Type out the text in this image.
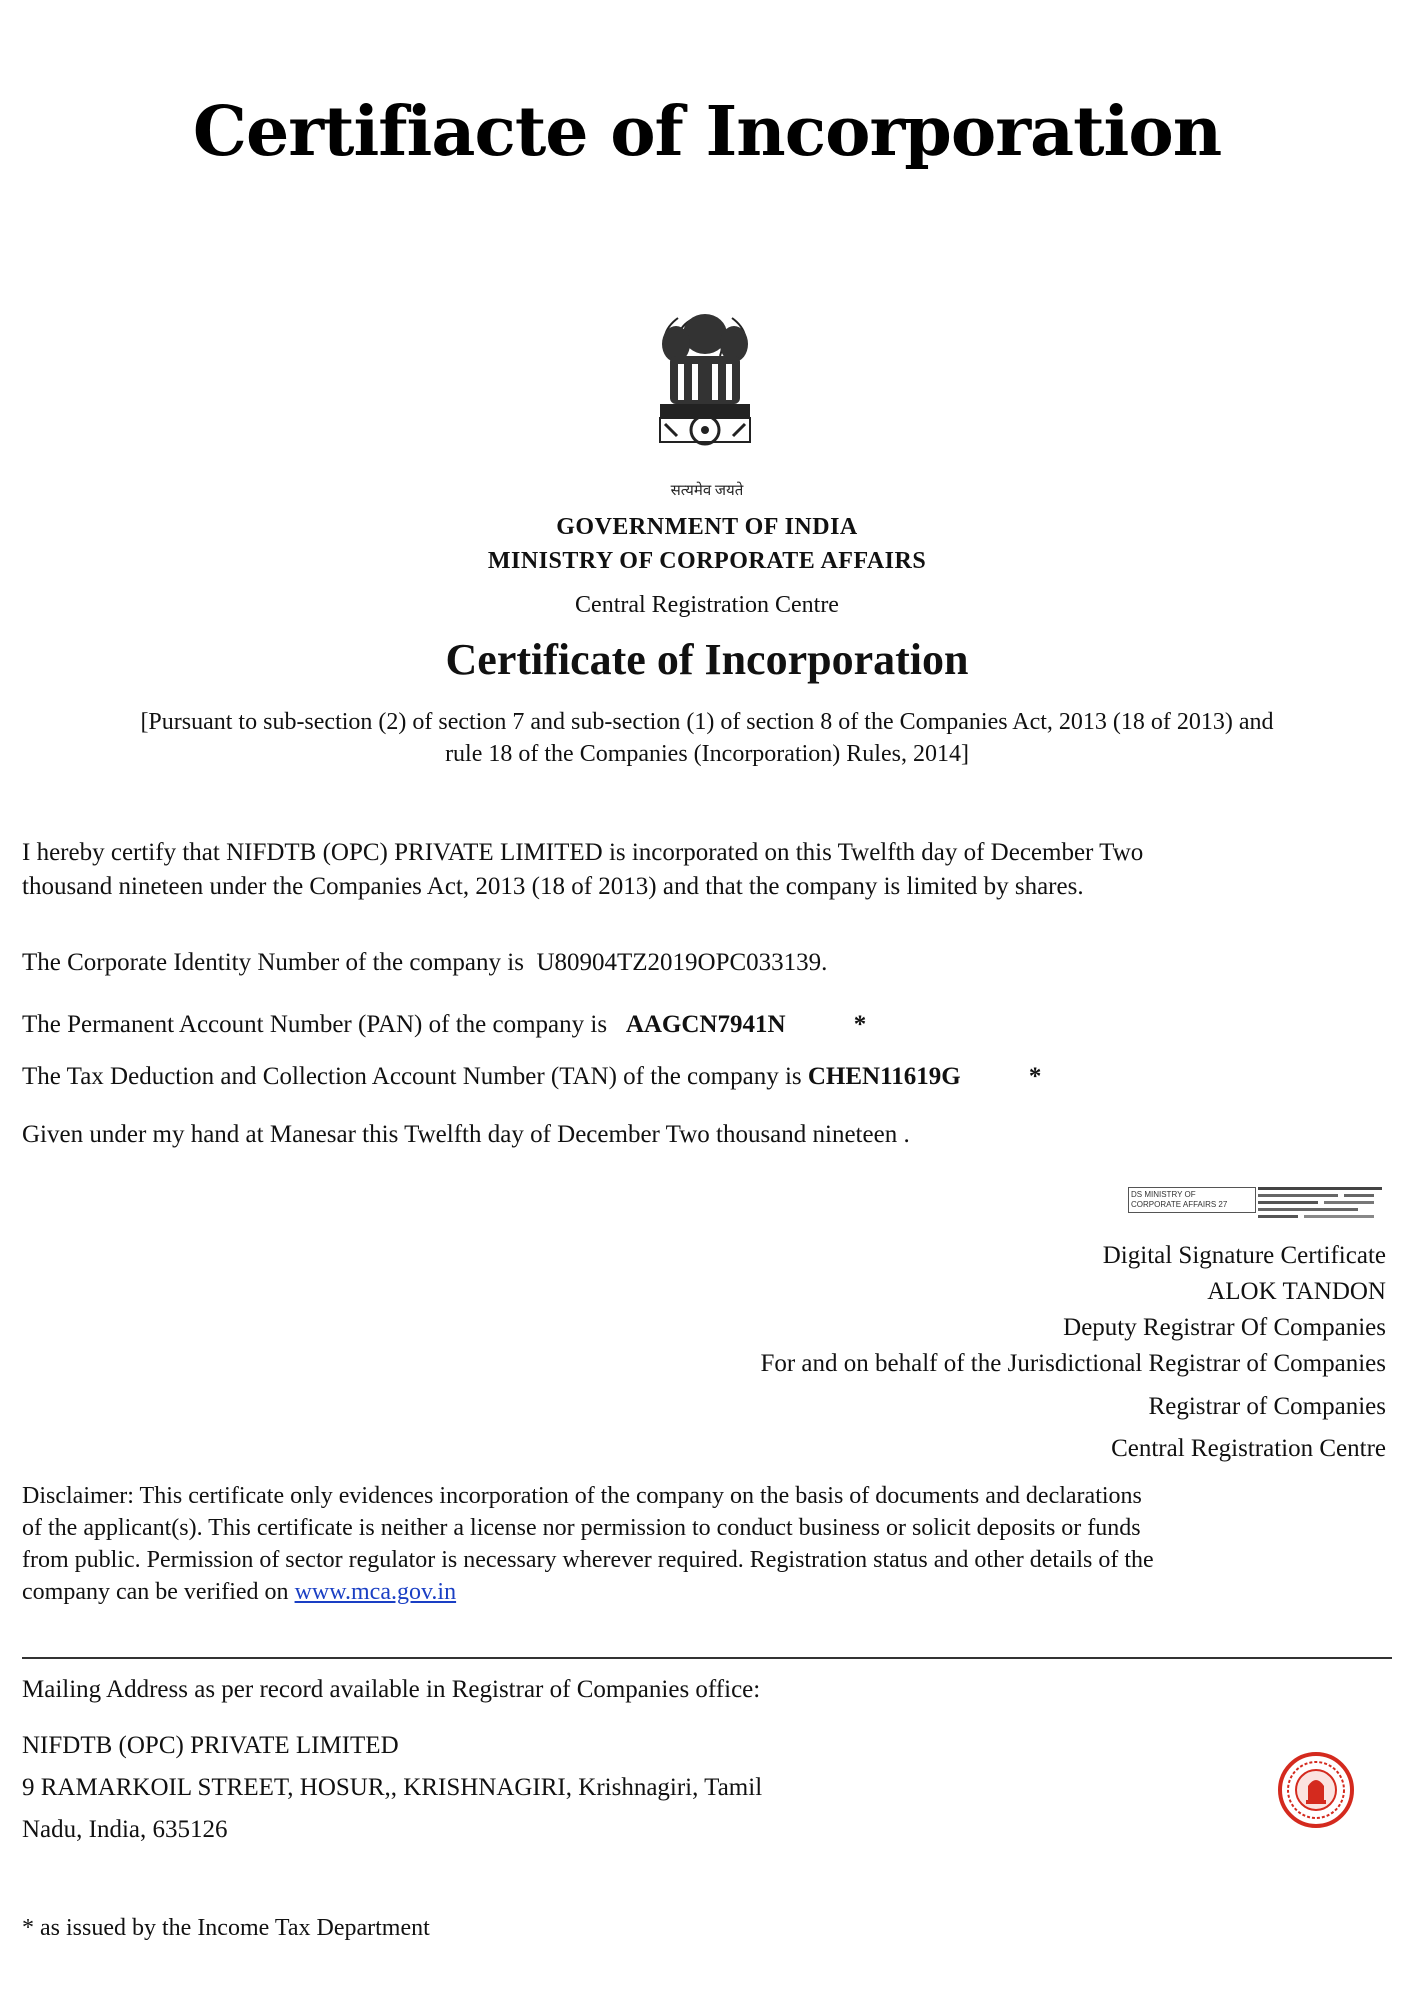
Certifiacte of Incorporation
सत्यमेव जयते
GOVERNMENT OF INDIA
MINISTRY OF CORPORATE AFFAIRS
Central Registration Centre
Certificate of Incorporation
[Pursuant to sub-section (2) of section 7 and sub-section (1) of section 8 of the Companies Act, 2013 (18 of 2013) and
rule 18 of the Companies (Incorporation) Rules, 2014]
I hereby certify that NIFDTB (OPC) PRIVATE LIMITED is incorporated on this Twelfth day of December Two
thousand nineteen under the Companies Act, 2013 (18 of 2013) and that the company is limited by shares.
The Corporate Identity Number of the company is U80904TZ2019OPC033139.
The Permanent Account Number (PAN) of the company is AAGCN7941N	*
The Tax Deduction and Collection Account Number (TAN) of the company is CHEN11619G	*
Given under my hand at Manesar this Twelfth day of December Two thousand nineteen .
DS MINISTRY OF
CORPORATE AFFAIRS 27
Digital Signature Certificate
ALOK TANDON
Deputy Registrar Of Companies
For and on behalf of the Jurisdictional Registrar of Companies
Registrar of Companies
Central Registration Centre
Disclaimer: This certificate only evidences incorporation of the company on the basis of documents and declarations
of the applicant(s). This certificate is neither a license nor permission to conduct business or solicit deposits or funds
from public. Permission of sector regulator is necessary wherever required. Registration status and other details of the
company can be verified on www.mca.gov.in
Mailing Address as per record available in Registrar of Companies office:
NIFDTB (OPC) PRIVATE LIMITED
9 RAMARKOIL STREET, HOSUR,, KRISHNAGIRI, Krishnagiri, Tamil
Nadu, India, 635126
* as issued by the Income Tax Department
